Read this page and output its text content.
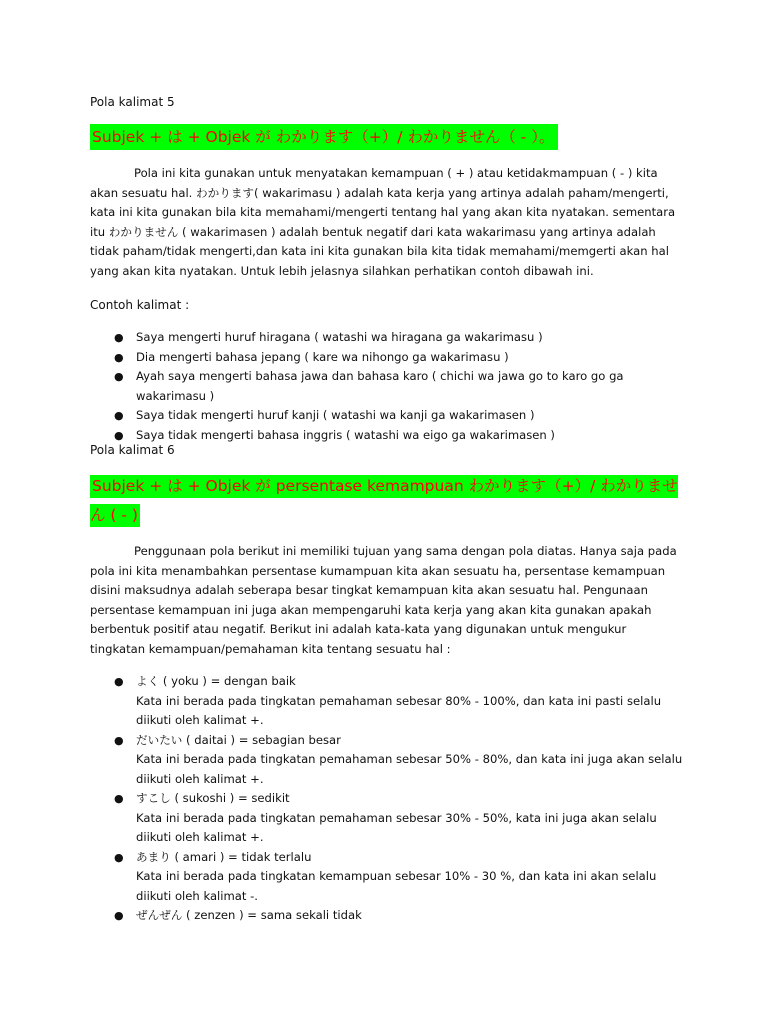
Pola kalimat 5

Subjek + は + Objek が わかります（+）/ わかりません（ - ）。

Pola ini kita gunakan untuk menyatakan kemampuan ( + ) atau ketidakmampuan ( - ) kita akan sesuatu hal. わかります( wakarimasu ) adalah kata kerja yang artinya adalah paham/mengerti, kata ini kita gunakan bila kita memahami/mengerti tentang hal yang akan kita nyatakan. sementara itu わかりません ( wakarimasen ) adalah bentuk negatif dari kata wakarimasu yang artinya adalah tidak paham/tidak mengerti,dan kata ini kita gunakan bila kita tidak memahami/memgerti akan hal yang akan kita nyatakan. Untuk lebih jelasnya silahkan perhatikan contoh dibawah ini.

Contoh kalimat :

● Saya mengerti huruf hiragana ( watashi wa hiragana ga wakarimasu )
● Dia mengerti bahasa jepang ( kare wa nihongo ga wakarimasu )
● Ayah saya mengerti bahasa jawa dan bahasa karo ( chichi wa jawa go to karo go ga wakarimasu )
● Saya tidak mengerti huruf kanji ( watashi wa kanji ga wakarimasen )
● Saya tidak mengerti bahasa inggris ( watashi wa eigo ga wakarimasen )

Pola kalimat 6

Subjek + は + Objek が persentase kemampuan わかります（+）/ わかりません ( - )

Penggunaan pola berikut ini memiliki tujuan yang sama dengan pola diatas. Hanya saja pada pola ini kita menambahkan persentase kumampuan kita akan sesuatu ha, persentase kemampuan disini maksudnya adalah seberapa besar tingkat kemampuan kita akan sesuatu hal. Pengunaan persentase kemampuan ini juga akan mempengaruhi kata kerja yang akan kita gunakan apakah berbentuk positif atau negatif. Berikut ini adalah kata-kata yang digunakan untuk mengukur tingkatan kemampuan/pemahaman kita tentang sesuatu hal :

● よく ( yoku ) = dengan baik
Kata ini berada pada tingkatan pemahaman sebesar 80% - 100%, dan kata ini pasti selalu diikuti oleh kalimat +.
● だいたい ( daitai ) = sebagian besar
Kata ini berada pada tingkatan pemahaman sebesar 50% - 80%, dan kata ini juga akan selalu diikuti oleh kalimat +.
● すこし ( sukoshi ) = sedikit
Kata ini berada pada tingkatan pemahaman sebesar 30% - 50%, kata ini juga akan selalu diikuti oleh kalimat +.
● あまり ( amari ) = tidak terlalu
Kata ini berada pada tingkatan kemampuan sebesar 10% - 30 %, dan kata ini akan selalu diikuti oleh kalimat -.
● ぜんぜん ( zenzen ) = sama sekali tidak
